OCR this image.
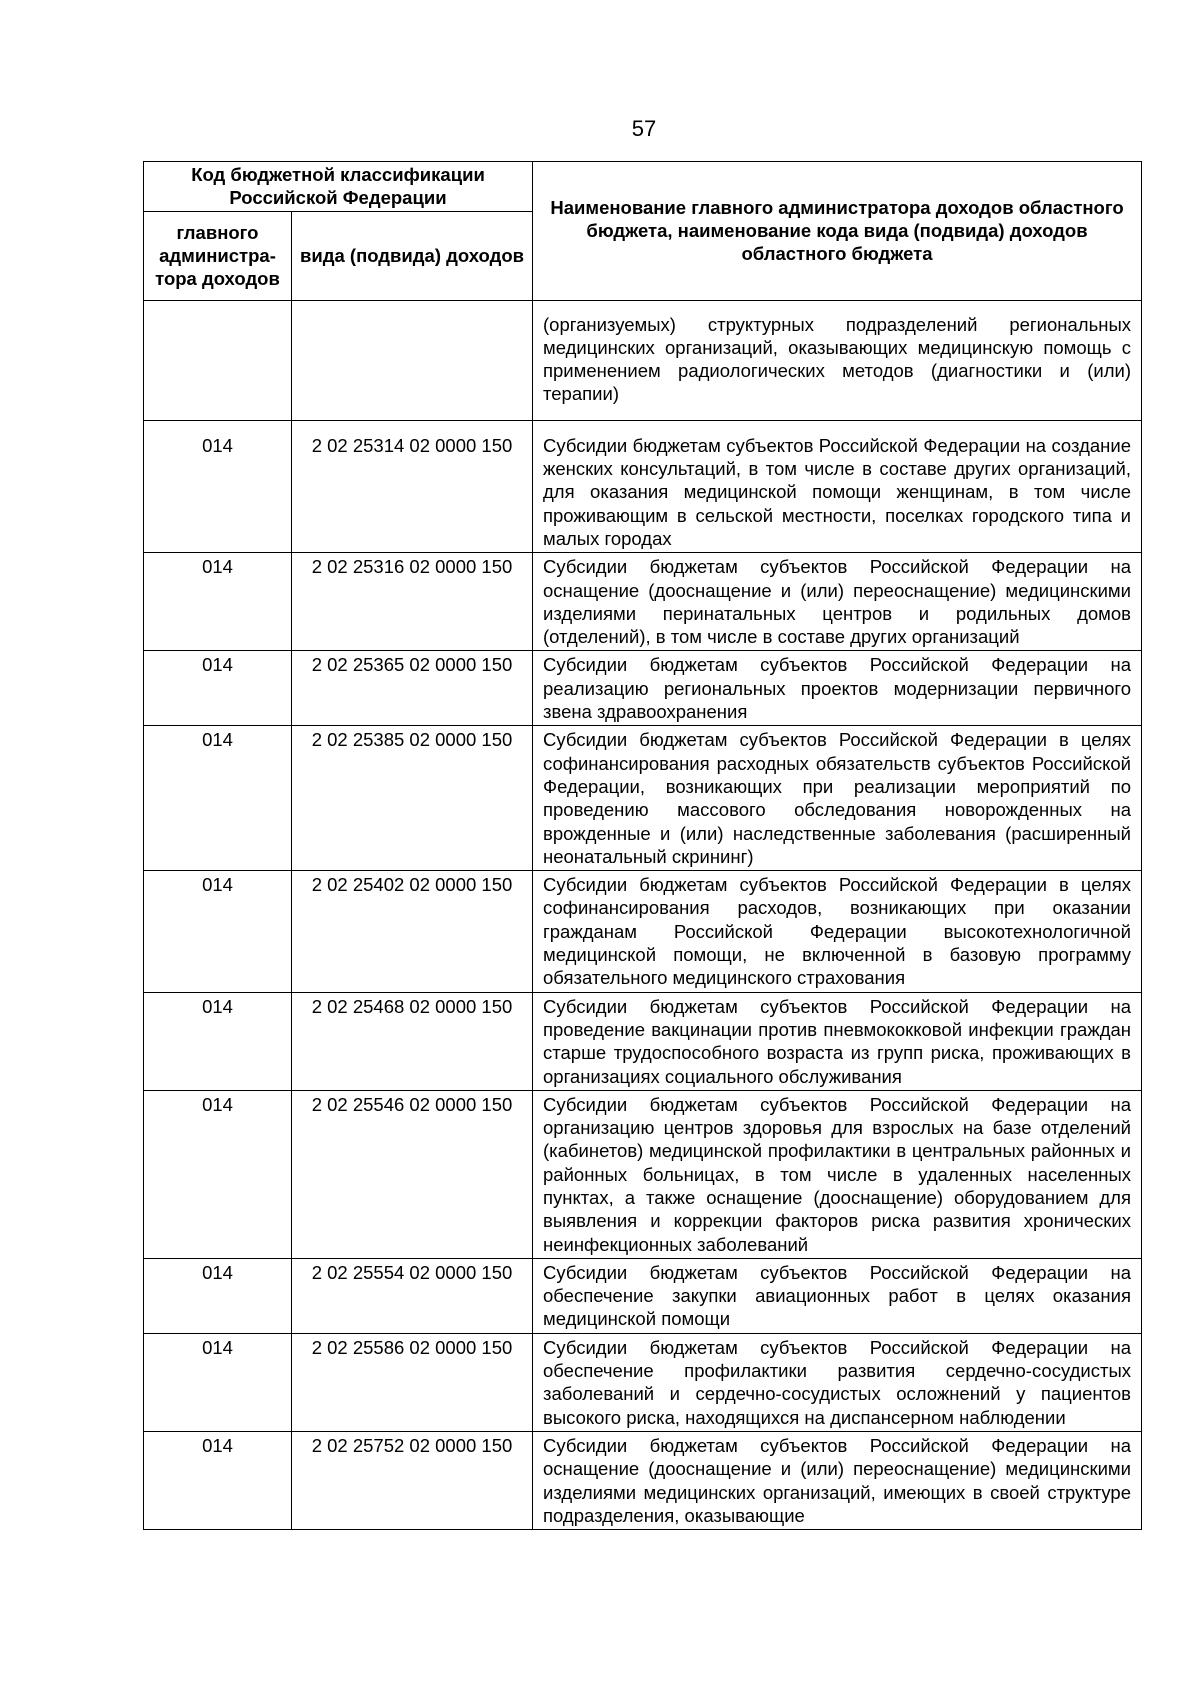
57
Код бюджетной классификации Российской Федерации		Наименование главного администратора доходов областного бюджета, наименование кода вида (подвида) доходов областного бюджета
главного администра-тора доходов	вида (подвида) доходов	
		(организуемых) структурных подразделений региональных медицинских организаций, оказывающих медицинскую помощь с применением радиологических методов (диагностики и (или) терапии)
014	2 02 25314 02 0000 150	Субсидии бюджетам субъектов Российской Федерации на создание женских консультаций, в том числе в составе других организаций, для оказания медицинской помощи женщинам, в том числе проживающим в сельской местности, поселках городского типа и малых городах
014	2 02 25316 02 0000 150	Субсидии бюджетам субъектов Российской Федерации на оснащение (дооснащение и (или) переоснащение) медицинскими изделиями перинатальных центров и родильных домов (отделений), в том числе в составе других организаций
014	2 02 25365 02 0000 150	Субсидии бюджетам субъектов Российской Федерации на реализацию региональных проектов модернизации первичного звена здравоохранения
014	2 02 25385 02 0000 150	Субсидии бюджетам субъектов Российской Федерации в целях софинансирования расходных обязательств субъектов Российской Федерации, возникающих при реализации мероприятий по проведению массового обследования новорожденных на врожденные и (или) наследственные заболевания (расширенный неонатальный скрининг)
014	2 02 25402 02 0000 150	Субсидии бюджетам субъектов Российской Федерации в целях софинансирования расходов, возникающих при оказании гражданам Российской Федерации высокотехнологичной медицинской помощи, не включенной в базовую программу обязательного медицинского страхования
014	2 02 25468 02 0000 150	Субсидии бюджетам субъектов Российской Федерации на проведение вакцинации против пневмококковой инфекции граждан старше трудоспособного возраста из групп риска, проживающих в организациях социального обслуживания
014	2 02 25546 02 0000 150	Субсидии бюджетам субъектов Российской Федерации на организацию центров здоровья для взрослых на базе отделений (кабинетов) медицинской профилактики в центральных районных и районных больницах, в том числе в удаленных населенных пунктах, а также оснащение (дооснащение) оборудованием для выявления и коррекции факторов риска развития хронических неинфекционных заболеваний
014	2 02 25554 02 0000 150	Субсидии бюджетам субъектов Российской Федерации на обеспечение закупки авиационных работ в целях оказания медицинской помощи
014	2 02 25586 02 0000 150	Субсидии бюджетам субъектов Российской Федерации на обеспечение профилактики развития сердечно-сосудистых заболеваний и сердечно-сосудистых осложнений у пациентов высокого риска, находящихся на диспансерном наблюдении
014	2 02 25752 02 0000 150	Субсидии бюджетам субъектов Российской Федерации на оснащение (дооснащение и (или) переоснащение) медицинскими изделиями медицинских организаций, имеющих в своей структуре подразделения, оказывающие
